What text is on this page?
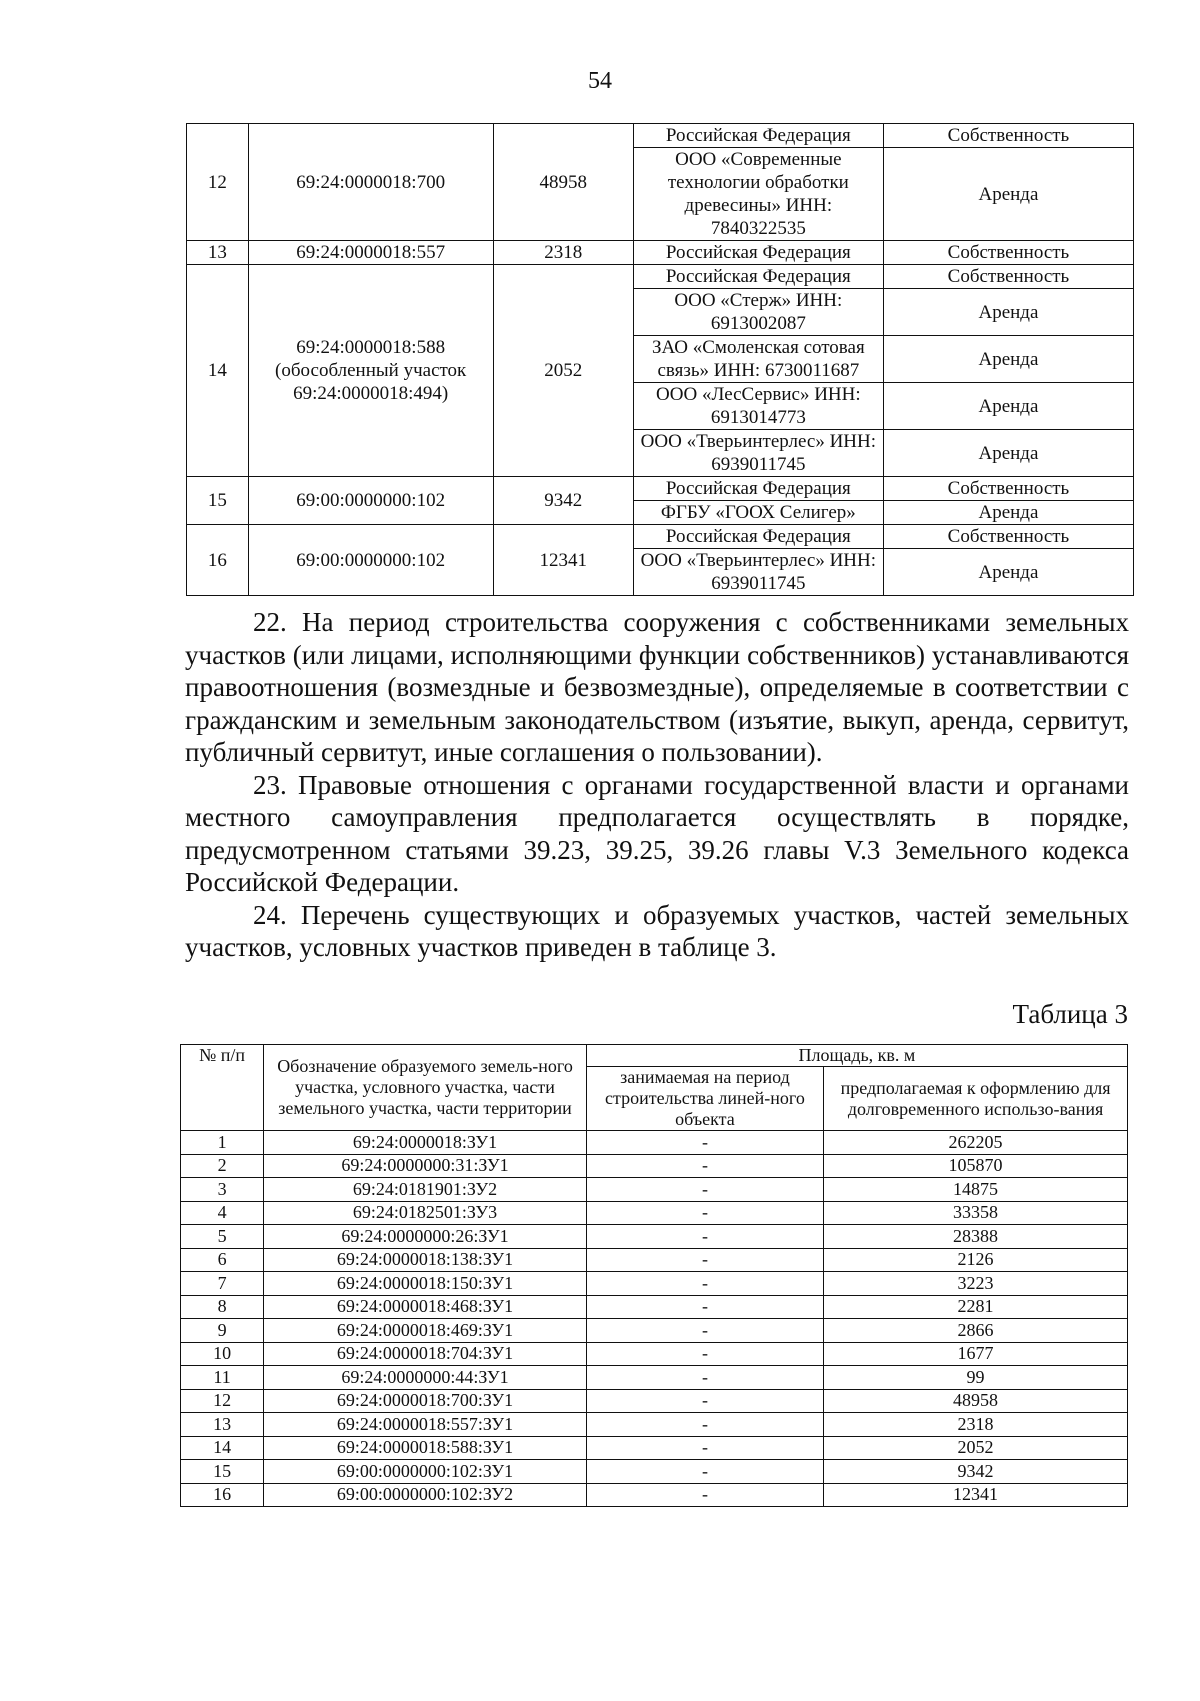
54
12	69:24:0000018:700	48958	Российская Федерация	Собственность
			ООО «Современные технологии обработки древесины» ИНН: 7840322535	Аренда
13	69:24:0000018:557	2318	Российская Федерация	Собственность
14	69:24:0000018:588 (обособленный участок 69:24:0000018:494)	2052	Российская Федерация	Собственность
			ООО «Стерж» ИНН: 6913002087	Аренда
			ЗАО «Смоленская сотовая связь» ИНН: 6730011687	Аренда
			ООО «ЛесСервис» ИНН: 6913014773	Аренда
			ООО «Тверьинтерлес» ИНН: 6939011745	Аренда
15	69:00:0000000:102	9342	Российская Федерация	Собственность
			ФГБУ «ГООХ Селигер»	Аренда
16	69:00:0000000:102	12341	Российская Федерация	Собственность
			ООО «Тверьинтерлес» ИНН: 6939011745	Аренда

22. На период строительства сооружения с собственниками земельных участков (или лицами, исполняющими функции собственников) устанавливаются правоотношения (возмездные и безвозмездные), определяемые в соответствии с гражданским и земельным законодательством (изъятие, выкуп, аренда, сервитут, публичный сервитут, иные соглашения о пользовании).

23. Правовые отношения с органами государственной власти и органами местного самоуправления предполагается осуществлять в порядке, предусмотренном статьями 39.23, 39.25, 39.26 главы V.3 Земельного кодекса Российской Федерации.

24. Перечень существующих и образуемых участков, частей земельных участков, условных участков приведен в таблице 3.

Таблица 3
№ п/п	Обозначение образуемого земель-ного участка, условного участка, части земельного участка, части территории	Площадь, кв. м	
		занимаемая на период строительства линей-ного объекта	предполагаемая к оформлению для долговременного использо-вания
1	69:24:0000018:ЗУ1	-	262205
2	69:24:0000000:31:ЗУ1	-	105870
3	69:24:0181901:ЗУ2	-	14875
4	69:24:0182501:ЗУ3	-	33358
5	69:24:0000000:26:ЗУ1	-	28388
6	69:24:0000018:138:ЗУ1	-	2126
7	69:24:0000018:150:ЗУ1	-	3223
8	69:24:0000018:468:ЗУ1	-	2281
9	69:24:0000018:469:ЗУ1	-	2866
10	69:24:0000018:704:ЗУ1	-	1677
11	69:24:0000000:44:ЗУ1	-	99
12	69:24:0000018:700:ЗУ1	-	48958
13	69:24:0000018:557:ЗУ1	-	2318
14	69:24:0000018:588:ЗУ1	-	2052
15	69:00:0000000:102:ЗУ1	-	9342
16	69:00:0000000:102:ЗУ2	-	12341
